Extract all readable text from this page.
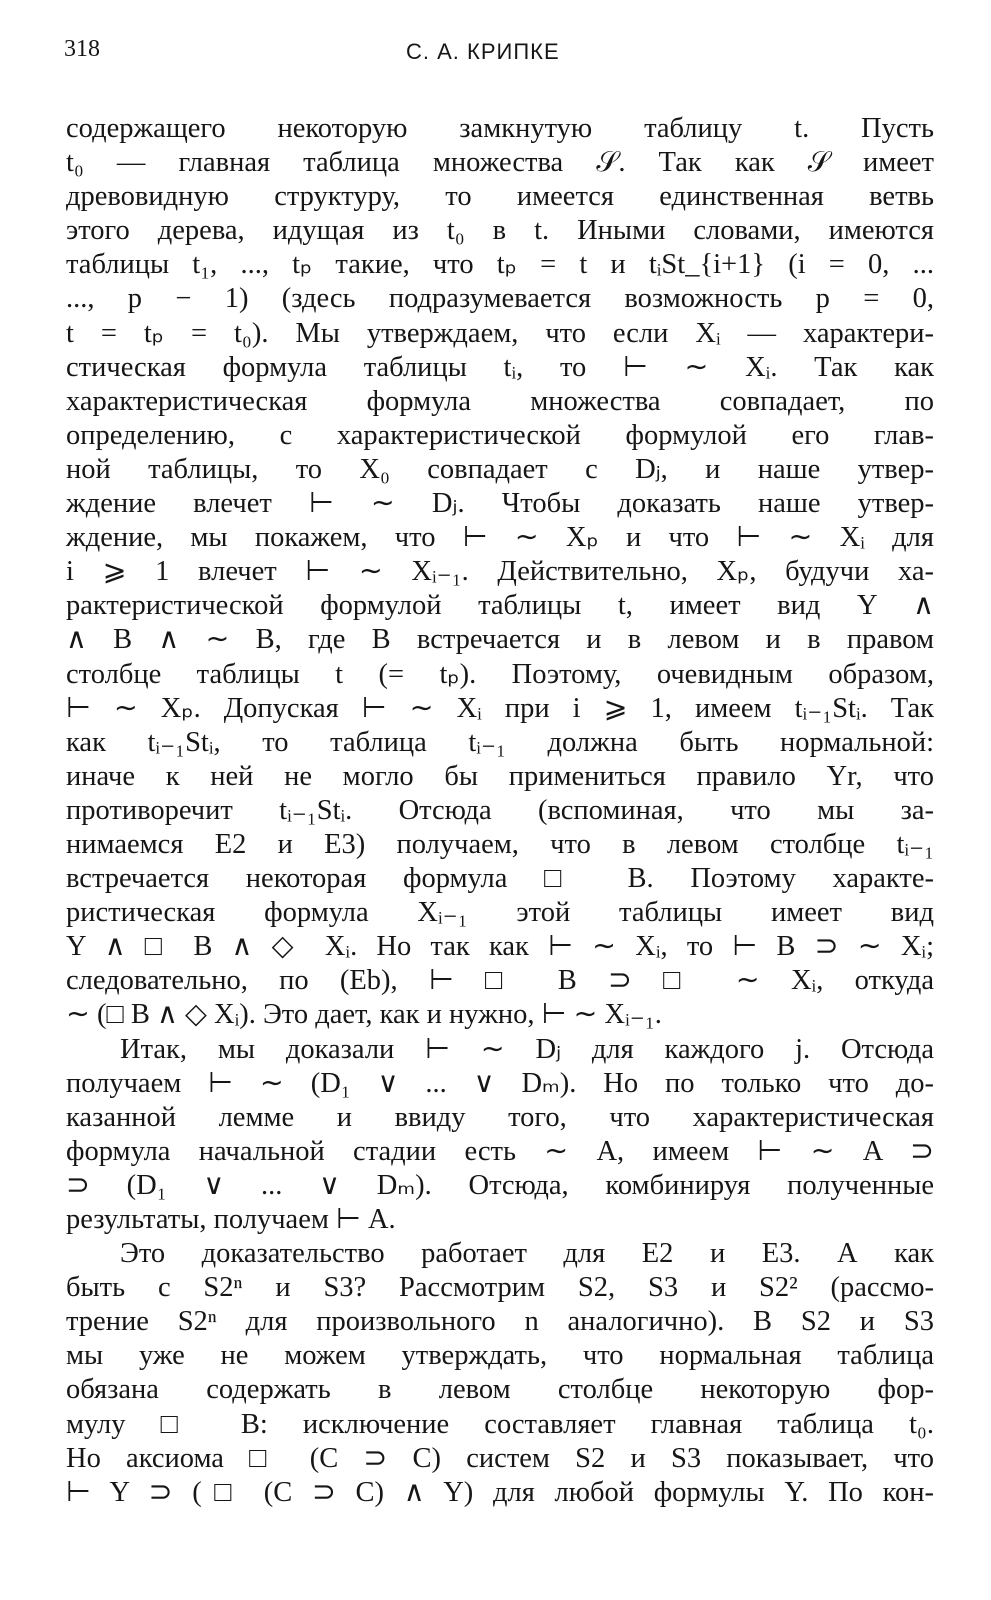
318	С. А. КРИПКЕ

содержащего некоторую замкнутую таблицу t. Пусть

t₀ — главная таблица множества 𝒮. Так как 𝒮 имеет

древовидную структуру, то имеется единственная ветвь

этого дерева, идущая из t₀ в t. Иными словами, имеются

таблицы t₁, ..., tₚ такие, что tₚ = t и tᵢSt_{i+1} (i = 0, ...

..., p − 1) (здесь подразумевается возможность p = 0,

t = tₚ = t₀). Мы утверждаем, что если Xᵢ — характери-

стическая формула таблицы tᵢ, то ⊢ ∼ Xᵢ. Так как

характеристическая формула множества совпадает, по

определению, с характеристической формулой его глав-

ной таблицы, то X₀ совпадает с Dⱼ, и наше утвер-

ждение влечет ⊢ ∼ Dⱼ. Чтобы доказать наше утвер-

ждение, мы покажем, что ⊢ ∼ Xₚ и что ⊢ ∼ Xᵢ для

i ⩾ 1 влечет ⊢ ∼ Xᵢ₋₁. Действительно, Xₚ, будучи ха-

рактеристической формулой таблицы t, имеет вид Y ∧

∧ B ∧ ∼ B, где B встречается и в левом и в правом

столбце таблицы t (= tₚ). Поэтому, очевидным образом,

⊢ ∼ Xₚ. Допуская ⊢ ∼ Xᵢ при i ⩾ 1, имеем tᵢ₋₁Stᵢ. Так

как tᵢ₋₁Stᵢ, то таблица tᵢ₋₁ должна быть нормальной:

иначе к ней не могло бы примениться правило Yr, что

противоречит tᵢ₋₁Stᵢ. Отсюда (вспоминая, что мы за-

нимаемся E2 и E3) получаем, что в левом столбце tᵢ₋₁

встречается некоторая формула □ B. Поэтому характе-

ристическая формула Xᵢ₋₁ этой таблицы имеет вид

Y ∧ □ B ∧ ◇ Xᵢ. Но так как ⊢ ∼ Xᵢ, то ⊢ B ⊃ ∼ Xᵢ;

следовательно, по (Eb), ⊢ □ B ⊃ □ ∼ Xᵢ, откуда

∼ (□ B ∧ ◇ Xᵢ). Это дает, как и нужно, ⊢ ∼ Xᵢ₋₁.

Итак, мы доказали ⊢ ∼ Dⱼ для каждого j. Отсюда

получаем ⊢ ∼ (D₁ ∨ ... ∨ Dₘ). Но по только что до-

казанной лемме и ввиду того, что характеристическая

формула начальной стадии есть ∼ A, имеем ⊢ ∼ A ⊃

⊃ (D₁ ∨ ... ∨ Dₘ). Отсюда, комбинируя полученные

результаты, получаем ⊢ A.

Это доказательство работает для E2 и E3. А как

быть с S2ⁿ и S3? Рассмотрим S2, S3 и S2² (рассмо-

трение S2ⁿ для произвольного n аналогично). В S2 и S3

мы уже не можем утверждать, что нормальная таблица

обязана содержать в левом столбце некоторую фор-

мулу □ B: исключение составляет главная таблица t₀.

Но аксиома □ (C ⊃ C) систем S2 и S3 показывает, что

⊢ Y ⊃ (□ (C ⊃ C) ∧ Y) для любой формулы Y. По кон-
